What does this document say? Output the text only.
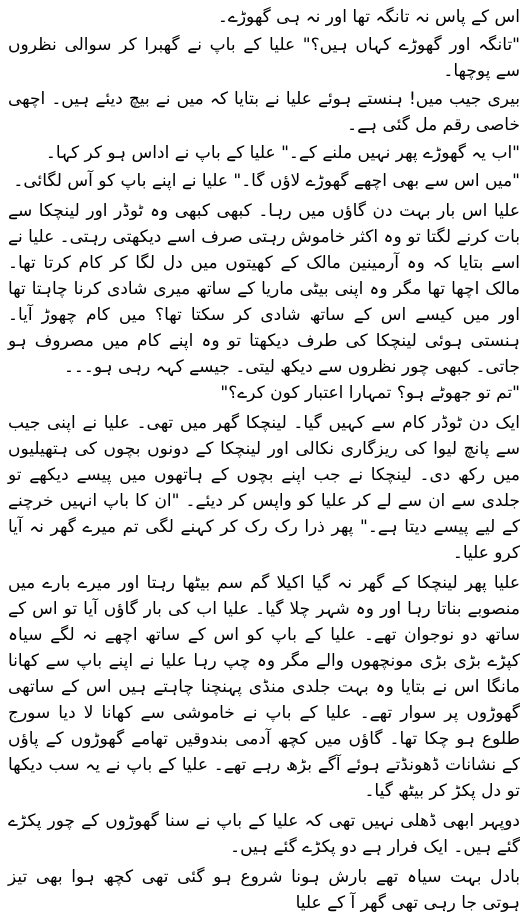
اس کے پاس نہ تانگہ تھا اور نہ ہی گھوڑے۔

"تانگہ اور گھوڑے کہاں ہیں؟" علیا کے باپ نے گھبرا کر سوالی نظروں سے پوچھا۔

بیری جیب میں! ہنستے ہوئے علیا نے بتایا کہ میں نے بیچ دیئے ہیں۔ اچھی خاصی رقم مل گئی ہے۔

"اب یہ گھوڑے پھر نہیں ملنے کے۔" علیا کے باپ نے اداس ہو کر کہا۔

"میں اس سے بھی اچھے گھوڑے لاؤں گا۔" علیا نے اپنے باپ کو آس لگائی۔

علیا اس بار بہت دن گاؤں میں رہا۔ کبھی کبھی وہ ٹوڈر اور لینچکا سے بات کرنے لگتا تو وہ اکثر خاموش رہتی صرف اسے دیکھتی رہتی۔ علیا نے اسے بتایا کہ وہ آرمینین مالک کے کھیتوں میں دل لگا کر کام کرتا تھا۔ مالک اچھا تھا مگر وہ اپنی بیٹی ماریا کے ساتھ میری شادی کرنا چاہتا تھا اور میں کیسے اس کے ساتھ شادی کر سکتا تھا؟ میں کام چھوڑ آیا۔ ہنستی ہوئی لینچکا کی طرف دیکھتا تو وہ اپنے کام میں مصروف ہو جاتی۔ کبھی چور نظروں سے دیکھ لیتی۔ جیسے کہہ رہی ہو۔۔۔

"تم تو جھوٹے ہو؟ تمہارا اعتبار کون کرے؟"

ایک دن ٹوڈر کام سے کہیں گیا۔ لینچکا گھر میں تھی۔ علیا نے اپنی جیب سے پانچ لیوا کی ریزگاری نکالی اور لینچکا کے دونوں بچوں کی ہتھیلیوں میں رکھ دی۔ لینچکا نے جب اپنے بچوں کے ہاتھوں میں پیسے دیکھے تو جلدی سے ان سے لے کر علیا کو واپس کر دیئے۔ "ان کا باپ انہیں خرچنے کے لیے پیسے دیتا ہے۔" پھر ذرا رک رک کر کہنے لگی تم میرے گھر نہ آیا کرو علیا۔

علیا پھر لینچکا کے گھر نہ گیا اکیلا گم سم بیٹھا رہتا اور میرے بارے میں منصوبے بناتا رہا اور وہ شہر چلا گیا۔ علیا اب کی بار گاؤں آیا تو اس کے ساتھ دو نوجوان تھے۔ علیا کے باپ کو اس کے ساتھ اچھے نہ لگے سیاہ کپڑے بڑی بڑی مونچھوں والے مگر وہ چپ رہا علیا نے اپنے باپ سے کھانا مانگا اس نے بتایا وہ بہت جلدی منڈی پہنچنا چاہتے ہیں اس کے ساتھی گھوڑوں پر سوار تھے۔ علیا کے باپ نے خاموشی سے کھانا لا دیا سورج طلوع ہو چکا تھا۔ گاؤں میں کچھ آدمی بندوقیں تھامے گھوڑوں کے پاؤں کے نشانات ڈھونڈتے ہوئے آگے بڑھ رہے تھے۔ علیا کے باپ نے یہ سب دیکھا تو دل پکڑ کر بیٹھ گیا۔

دوپہر ابھی ڈھلی نہیں تھی کہ علیا کے باپ نے سنا گھوڑوں کے چور پکڑے گئے ہیں۔ ایک فرار ہے دو پکڑے گئے ہیں۔

بادل بہت سیاہ تھے بارش ہونا شروع ہو گئی تھی کچھ ہوا بھی تیز ہوتی جا رہی تھی گھر آ کے علیا
